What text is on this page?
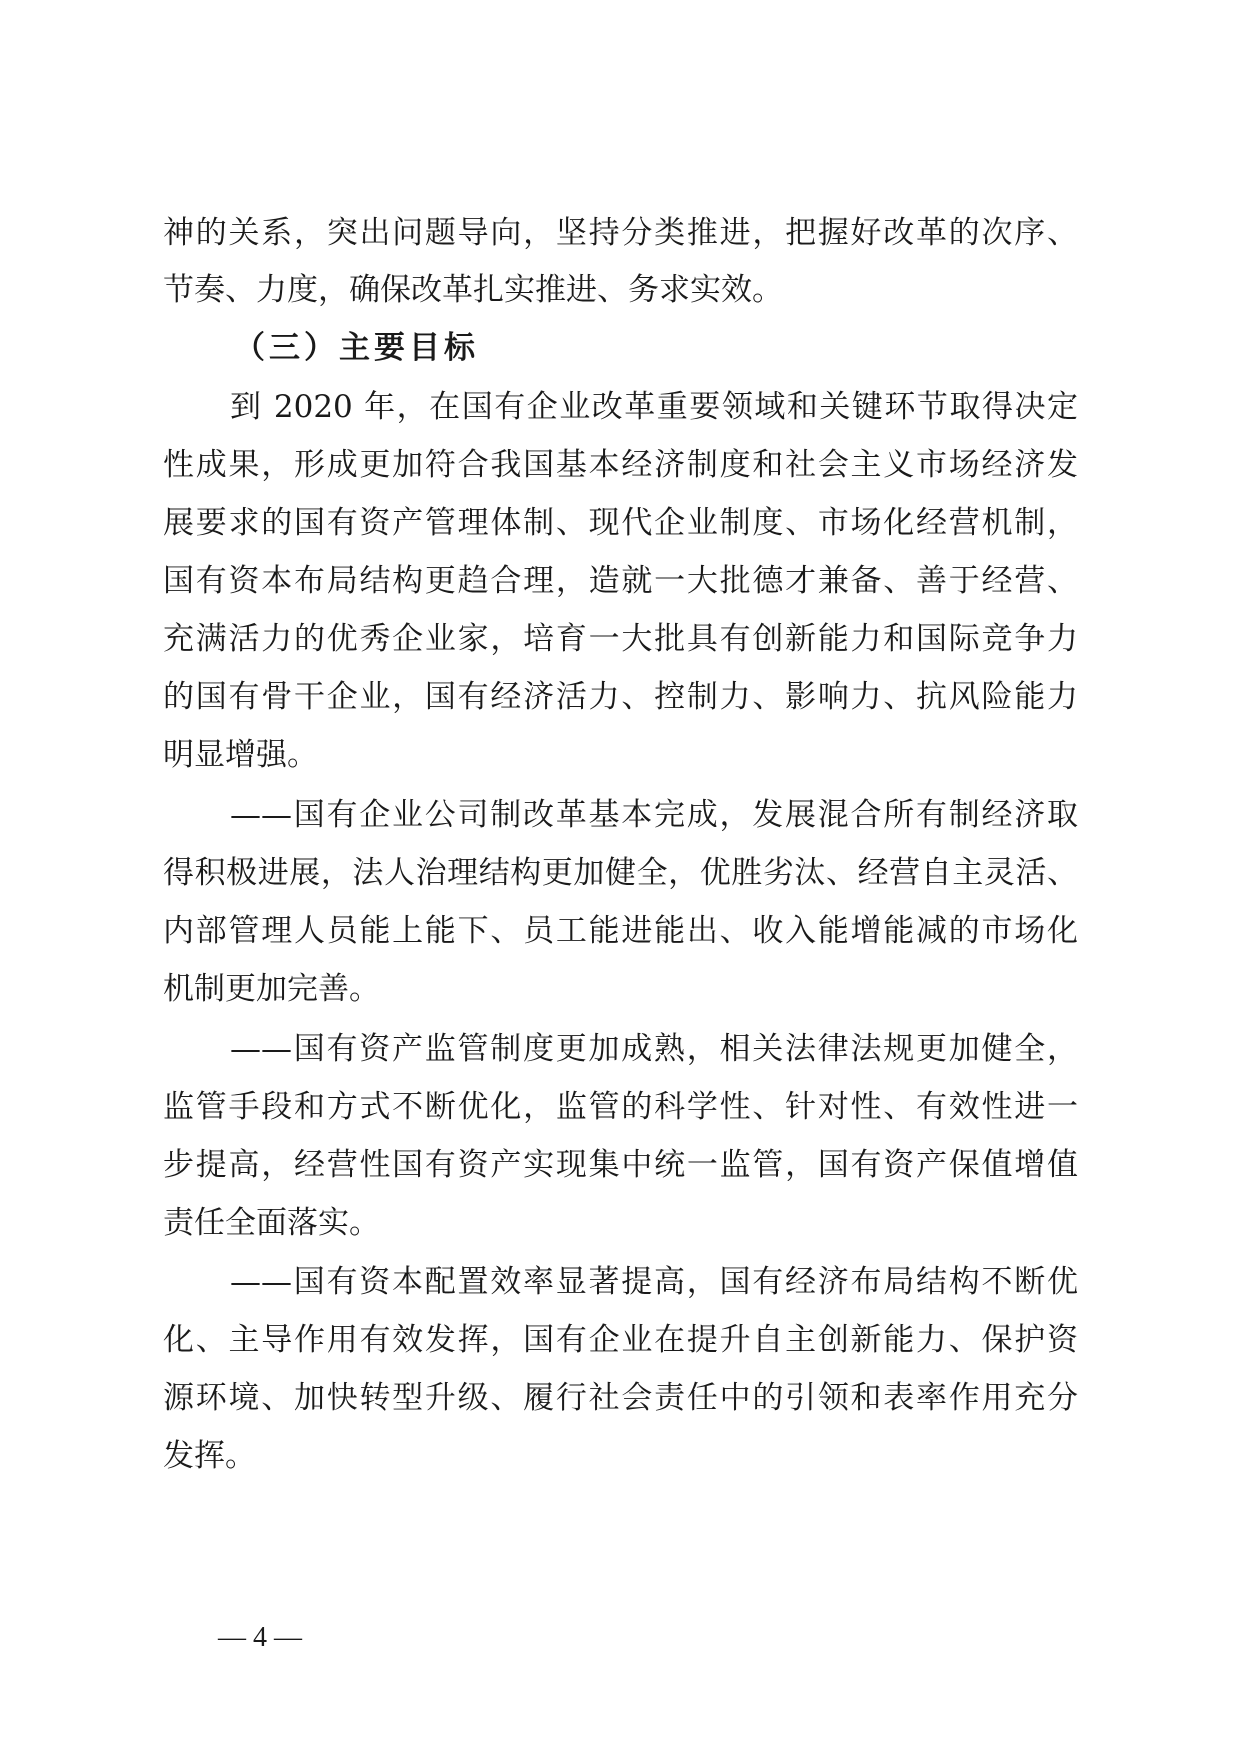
神的关系，突出问题导向，坚持分类推进，把握好改革的次序、
节奏、力度，确保改革扎实推进、务求实效。
（三）主要目标
到 2020 年，在国有企业改革重要领域和关键环节取得决定
性成果，形成更加符合我国基本经济制度和社会主义市场经济发
展要求的国有资产管理体制、现代企业制度、市场化经营机制，
国有资本布局结构更趋合理，造就一大批德才兼备、善于经营、
充满活力的优秀企业家，培育一大批具有创新能力和国际竞争力
的国有骨干企业，国有经济活力、控制力、影响力、抗风险能力
明显增强。
——国有企业公司制改革基本完成，发展混合所有制经济取
得积极进展，法人治理结构更加健全，优胜劣汰、经营自主灵活、
内部管理人员能上能下、员工能进能出、收入能增能减的市场化
机制更加完善。
——国有资产监管制度更加成熟，相关法律法规更加健全，
监管手段和方式不断优化，监管的科学性、针对性、有效性进一
步提高，经营性国有资产实现集中统一监管，国有资产保值增值
责任全面落实。
——国有资本配置效率显著提高，国有经济布局结构不断优
化、主导作用有效发挥，国有企业在提升自主创新能力、保护资
源环境、加快转型升级、履行社会责任中的引领和表率作用充分
发挥。
— 4 —
